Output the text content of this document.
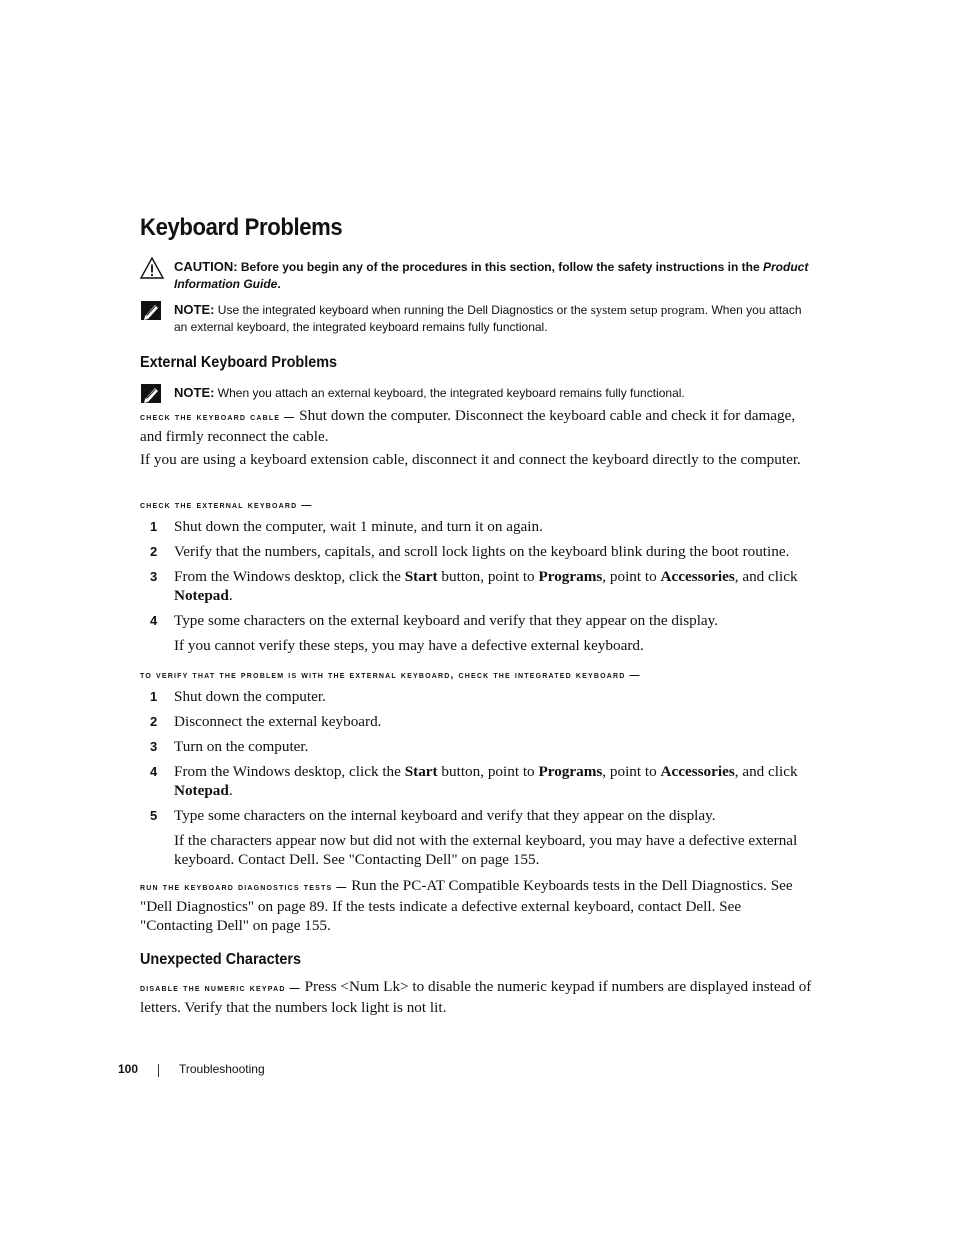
Keyboard Problems
CAUTION: Before you begin any of the procedures in this section, follow the safety instructions in the Product Information Guide.
NOTE: Use the integrated keyboard when running the Dell Diagnostics or the system setup program. When you attach an external keyboard, the integrated keyboard remains fully functional.
External Keyboard Problems
NOTE: When you attach an external keyboard, the integrated keyboard remains fully functional.
check the keyboard cable — Shut down the computer. Disconnect the keyboard cable and check it for damage, and firmly reconnect the cable.
If you are using a keyboard extension cable, disconnect it and connect the keyboard directly to the computer.
check the external keyboard —
1 Shut down the computer, wait 1 minute, and turn it on again.
2 Verify that the numbers, capitals, and scroll lock lights on the keyboard blink during the boot routine.
3 From the Windows desktop, click the Start button, point to Programs, point to Accessories, and click Notepad.
4 Type some characters on the external keyboard and verify that they appear on the display.
If you cannot verify these steps, you may have a defective external keyboard.
to verify that the problem is with the external keyboard, check the integrated keyboard —
1 Shut down the computer.
2 Disconnect the external keyboard.
3 Turn on the computer.
4 From the Windows desktop, click the Start button, point to Programs, point to Accessories, and click Notepad.
5 Type some characters on the internal keyboard and verify that they appear on the display.
If the characters appear now but did not with the external keyboard, you may have a defective external keyboard. Contact Dell. See "Contacting Dell" on page 155.
run the keyboard diagnostics tests — Run the PC-AT Compatible Keyboards tests in the Dell Diagnostics. See "Dell Diagnostics" on page 89. If the tests indicate a defective external keyboard, contact Dell. See "Contacting Dell" on page 155.
Unexpected Characters
disable the numeric keypad — Press <Num Lk> to disable the numeric keypad if numbers are displayed instead of letters. Verify that the numbers lock light is not lit.
100	Troubleshooting
